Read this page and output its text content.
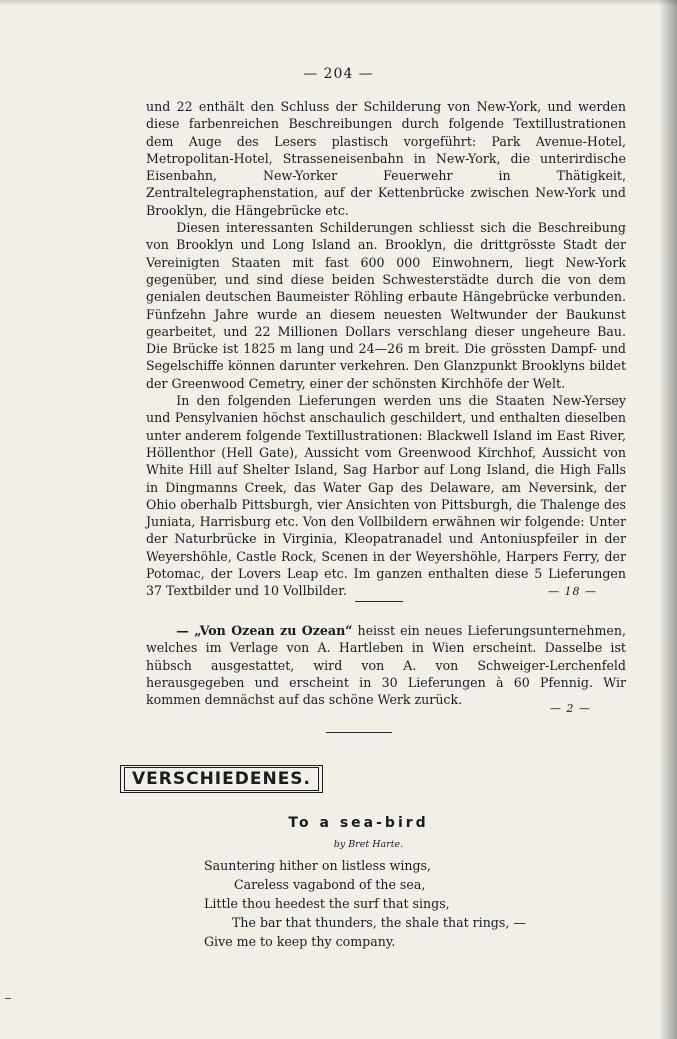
— 204 —

und 22 enthält den Schluss der Schilderung von New-York, und werden diese farbenreichen Beschreibungen durch folgende Textillustrationen dem Auge des Lesers plastisch vorgeführt: Park Avenue-Hotel, Metropolitan-Hotel, Strasseneisenbahn in New-York, die unterirdische Eisenbahn, New-Yorker Feuerwehr in Thätigkeit, Zentraltelegraphenstation, auf der Kettenbrücke zwischen New-York und Brooklyn, die Hängebrücke etc.

Diesen interessanten Schilderungen schliesst sich die Beschreibung von Brooklyn und Long Island an. Brooklyn, die drittgrösste Stadt der Vereinigten Staaten mit fast 600 000 Einwohnern, liegt New-York gegenüber, und sind diese beiden Schwesterstädte durch die von dem genialen deutschen Baumeister Röhling erbaute Hängebrücke verbunden. Fünfzehn Jahre wurde an diesem neuesten Weltwunder der Baukunst gearbeitet, und 22 Millionen Dollars verschlang dieser ungeheure Bau. Die Brücke ist 1825 m lang und 24—26 m breit. Die grössten Dampf- und Segelschiffe können darunter verkehren. Den Glanzpunkt Brooklyns bildet der Greenwood Cemetry, einer der schönsten Kirchhöfe der Welt.

In den folgenden Lieferungen werden uns die Staaten New-Yersey und Pensylvanien höchst anschaulich geschildert, und enthalten dieselben unter anderem folgende Textillustrationen: Blackwell Island im East River, Höllenthor (Hell Gate), Aussicht vom Greenwood Kirchhof, Aussicht von White Hill auf Shelter Island, Sag Harbor auf Long Island, die High Falls in Dingmanns Creek, das Water Gap des Delaware, am Neversink, der Ohio oberhalb Pittsburgh, vier Ansichten von Pittsburgh, die Thalenge des Juniata, Harrisburg etc. Von den Vollbildern erwähnen wir folgende: Unter der Naturbrücke in Virginia, Kleopatranadel und Antoniuspfeiler in der Weyershöhle, Castle Rock, Scenen in der Weyershöhle, Harpers Ferry, der Potomac, der Lovers Leap etc. Im ganzen enthalten diese 5 Lieferungen 37 Textbilder und 10 Vollbilder.	— 18 —

— „Von Ozean zu Ozean“ heisst ein neues Lieferungsunternehmen, welches im Verlage von A. Hartleben in Wien erscheint. Dasselbe ist hübsch ausgestattet, wird von A. von Schweiger-Lerchenfeld herausgegeben und erscheint in 30 Lieferungen à 60 Pfennig. Wir kommen demnächst auf das schöne Werk zurück.

— 2 —
VERSCHIEDENES.
To a sea-bird
by Bret Harte.
Sauntering hither on listless wings,
Careless vagabond of the sea,
Little thou heedest the surf that sings,
The bar that thunders, the shale that rings, —
Give me to keep thy company.
